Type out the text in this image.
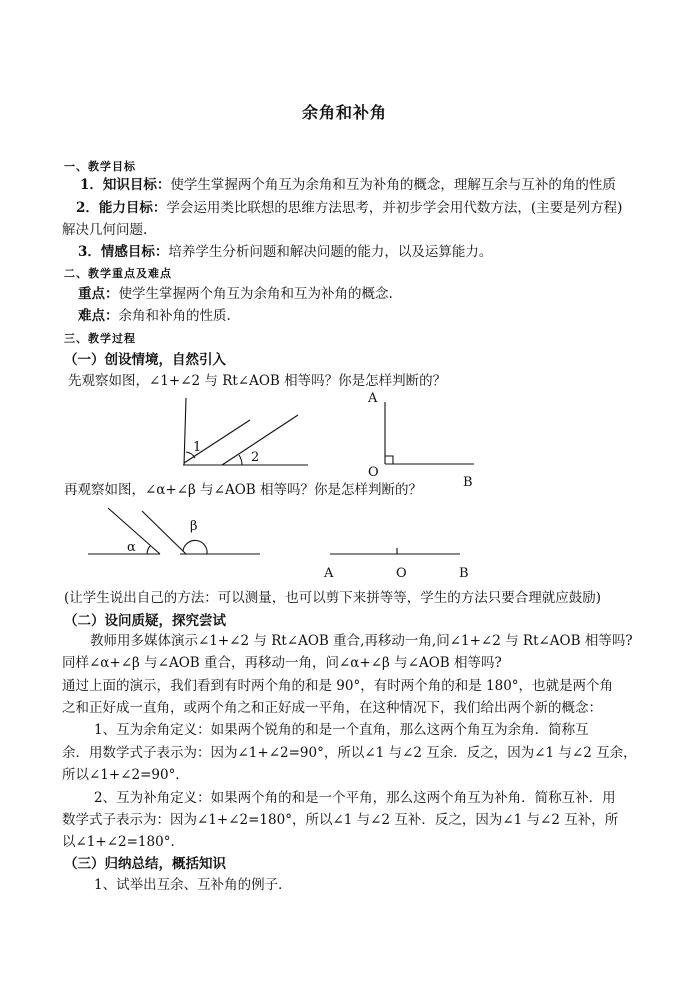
余角和补角
一、教学目标
1．知识目标：使学生掌握两个角互为余角和互为补角的概念，理解互余与互补的角的性质
2．能力目标：学会运用类比联想的思维方法思考，并初步学会用代数方法，(主要是列方程)
解决几何问题.
3．情感目标：培养学生分析问题和解决问题的能力，以及运算能力。
二、教学重点及难点
重点：使学生掌握两个角互为余角和互为补角的概念.
难点：余角和补角的性质.
三、教学过程
（一）创设情境，自然引入
先观察如图，∠1+∠2 与 Rt∠AOB 相等吗？你是怎样判断的？
1
2
A
O
B
α
β
A	O	B
再观察如图，∠α+∠β 与∠AOB 相等吗？你是怎样判断的？
(让学生说出自己的方法：可以测量，也可以剪下来拼等等，学生的方法只要合理就应鼓励)
（二）设问质疑，探究尝试
教师用多媒体演示∠1+∠2 与 Rt∠AOB 重合,再移动一角,问∠1+∠2 与 Rt∠AOB 相等吗?
同样∠α+∠β 与∠AOB 重合，再移动一角，问∠α+∠β 与∠AOB 相等吗?
通过上面的演示，我们看到有时两个角的和是 90°，有时两个角的和是 180°，也就是两个角
之和正好成一直角，或两个角之和正好成一平角，在这种情况下，我们给出两个新的概念：
1、互为余角定义：如果两个锐角的和是一个直角，那么这两个角互为余角．简称互
余．用数学式子表示为：因为∠1+∠2=90°，所以∠1 与∠2 互余．反之，因为∠1 与∠2 互余，
所以∠1+∠2=90°．
2、互为补角定义：如果两个角的和是一个平角，那么这两个角互为补角．简称互补．用
数学式子表示为：因为∠1+∠2=180°，所以∠1 与∠2 互补．反之，因为∠1 与∠2 互补，所
以∠1+∠2=180°．
（三）归纳总结，概括知识
1、试举出互余、互补角的例子．
